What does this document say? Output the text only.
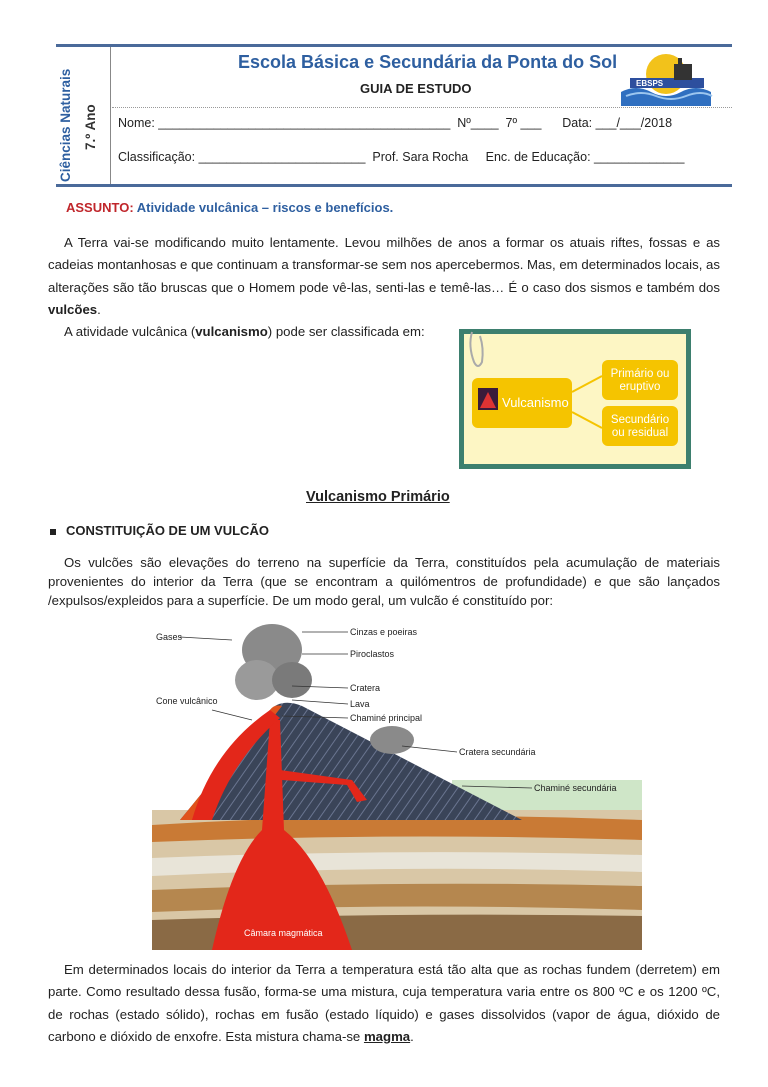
Ciências Naturais 7.º Ano
Escola Básica e Secundária da Ponta do Sol
GUIA DE ESTUDO	EBSPS
Nome: __________________________________________  Nº____  7º ___      Data: ___/___/2018
Classificação: ________________________  Prof. Sara Rocha     Enc. de Educação: _____________
ASSUNTO: Atividade vulcânica – riscos e benefícios.

A Terra vai-se modificando muito lentamente. Levou milhões de anos a formar os atuais riftes, fossas e as cadeias montanhosas e que continuam a transformar-se sem nos apercebermos. Mas, em determinados locais, as alterações são tão bruscas que o Homem pode vê-las, senti-las e temê-las… É o caso dos sismos e também dos vulcões.

A atividade vulcânica (vulcanismo) pode ser classificada em:

Vulcanismo
Primário ou
eruptivo
Secundário
ou residual
Vulcanismo Primário
CONSTITUIÇÃO DE UM VULCÃO

Os vulcões são elevações do terreno na superfície da Terra, constituídos pela acumulação de materiais provenientes do interior da Terra (que se encontram a quilómentros de profundidade) e que são lançados /expulsos/expleidos para a superfície. De um modo geral, um vulcão é constituído por:

Gases	Cinzas e poeiras
Piroclastos
Cone vulcânico
Cratera
Lava
Chaminé principal
Cratera secundária
Chaminé secundária
Câmara magmática

Em determinados locais do interior da Terra a temperatura está tão alta que as rochas fundem (derretem) em parte. Como resultado dessa fusão, forma-se uma mistura, cuja temperatura varia entre os 800 ºC e os 1200 ºC, de rochas (estado sólido), rochas em fusão (estado líquido) e gases dissolvidos (vapor de água, dióxido de carbono e dióxido de enxofre. Esta mistura chama-se magma.
